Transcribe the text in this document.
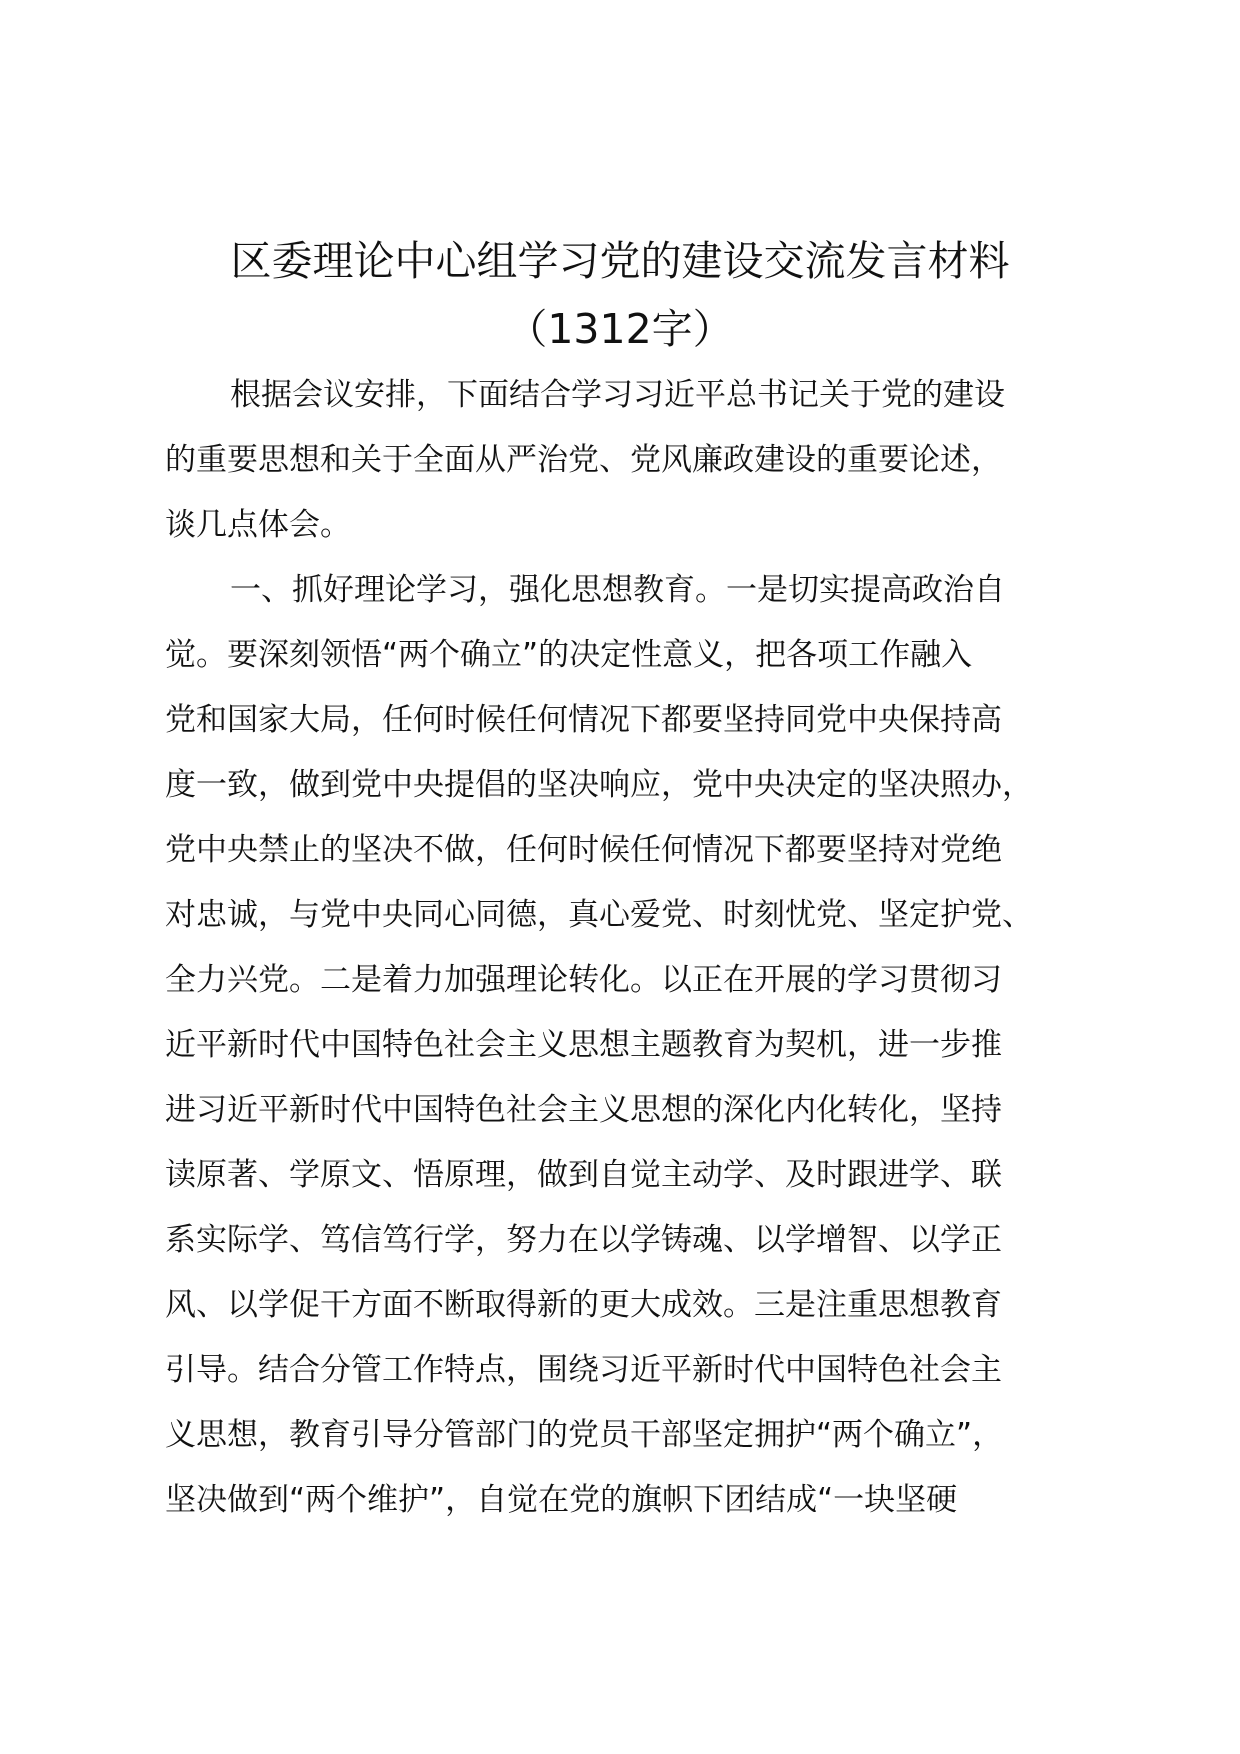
区委理论中心组学习党的建设交流发言材料
（1312字）
根据会议安排，下面结合学习习近平总书记关于党的建设
的重要思想和关于全面从严治党、党风廉政建设的重要论述，
谈几点体会。
一、抓好理论学习，强化思想教育。一是切实提高政治自
觉。要深刻领悟“两个确立”的决定性意义，把各项工作融入
党和国家大局，任何时候任何情况下都要坚持同党中央保持高
度一致，做到党中央提倡的坚决响应，党中央决定的坚决照办，
党中央禁止的坚决不做，任何时候任何情况下都要坚持对党绝
对忠诚，与党中央同心同德，真心爱党、时刻忧党、坚定护党、
全力兴党。二是着力加强理论转化。以正在开展的学习贯彻习
近平新时代中国特色社会主义思想主题教育为契机，进一步推
进习近平新时代中国特色社会主义思想的深化内化转化，坚持
读原著、学原文、悟原理，做到自觉主动学、及时跟进学、联
系实际学、笃信笃行学，努力在以学铸魂、以学增智、以学正
风、以学促干方面不断取得新的更大成效。三是注重思想教育
引导。结合分管工作特点，围绕习近平新时代中国特色社会主
义思想，教育引导分管部门的党员干部坚定拥护“两个确立”，
坚决做到“两个维护”，自觉在党的旗帜下团结成“一块坚硬
